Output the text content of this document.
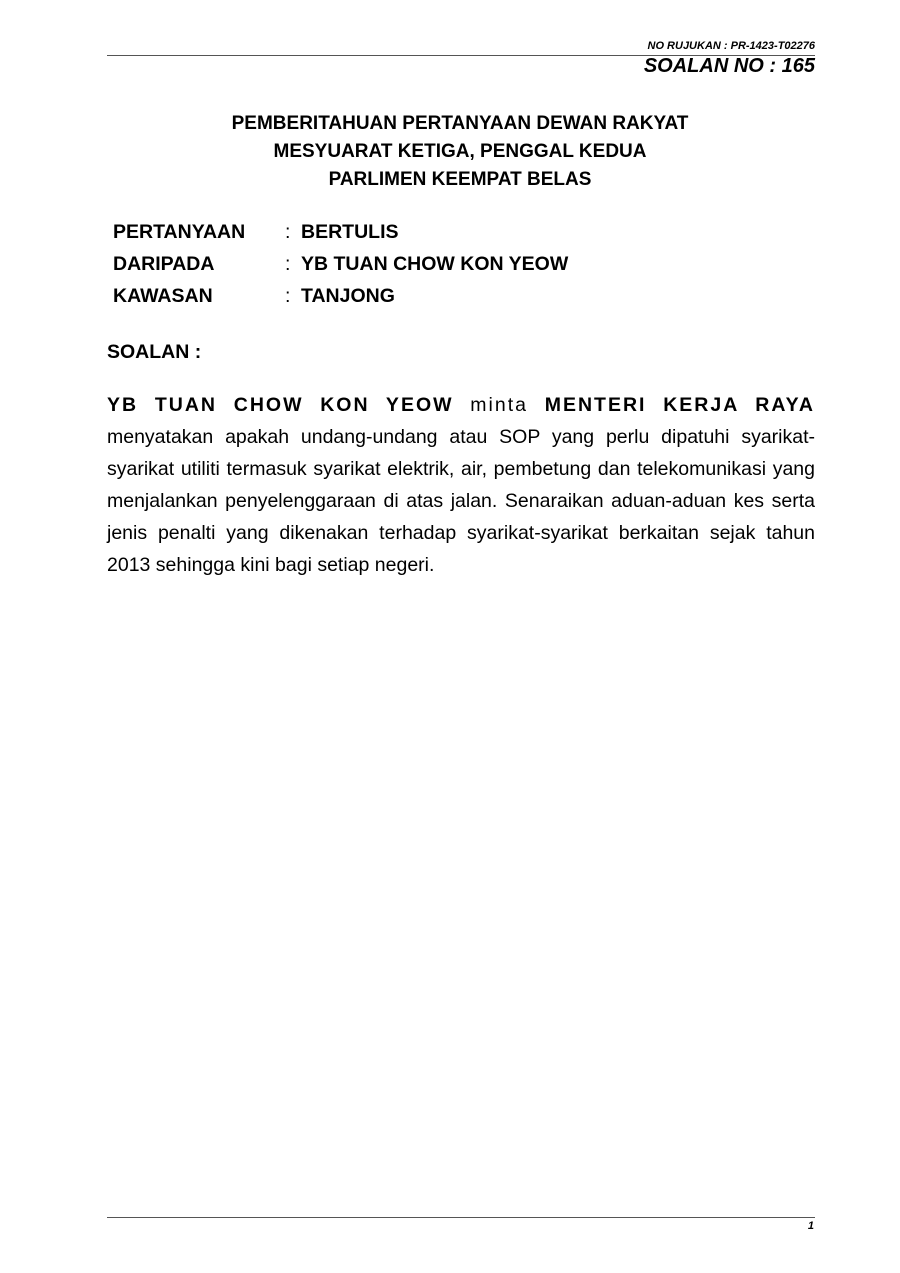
NO RUJUKAN : PR-1423-T02276
SOALAN NO : 165
PEMBERITAHUAN PERTANYAAN DEWAN RAKYAT
MESYUARAT KETIGA, PENGGAL KEDUA
PARLIMEN KEEMPAT BELAS
PERTANYAAN	: BERTULIS
DARIPADA	: YB TUAN CHOW KON YEOW
KAWASAN	: TANJONG
SOALAN :
YB TUAN CHOW KON YEOW minta MENTERI KERJA RAYA menyatakan apakah undang-undang atau SOP yang perlu dipatuhi syarikat-syarikat utiliti termasuk syarikat elektrik, air, pembetung dan telekomunikasi yang menjalankan penyelenggaraan di atas jalan. Senaraikan aduan-aduan kes serta jenis penalti yang dikenakan terhadap syarikat-syarikat berkaitan sejak tahun 2013 sehingga kini bagi setiap negeri.
1
